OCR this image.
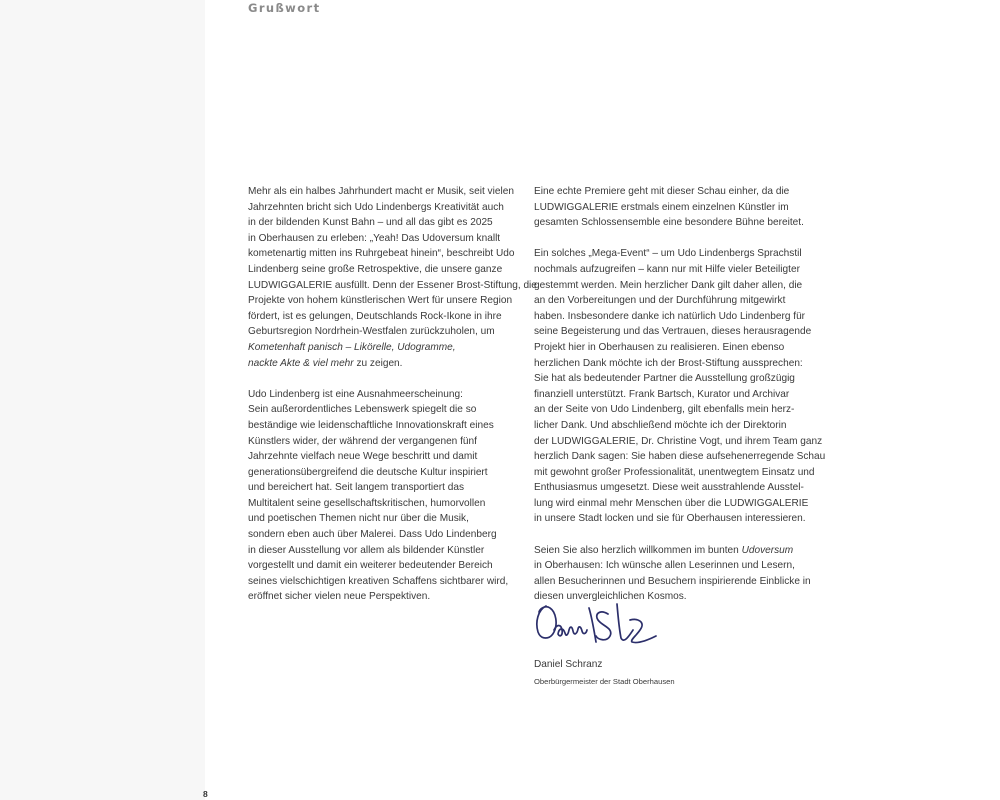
Grußwort

Mehr als ein halbes Jahrhundert macht er Musik, seit vielen
Jahrzehnten bricht sich Udo Lindenbergs Kreativität auch
in der bildenden Kunst Bahn – und all das gibt es 2025
in Oberhausen zu erleben: „Yeah! Das Udoversum knallt
kometenartig mitten ins Ruhrgebeat hinein“, beschreibt Udo
Lindenberg seine große Retrospektive, die unsere ganze
LUDWIGGALERIE ausfüllt. Denn der Essener Brost-Stiftung, die
Projekte von hohem künstlerischen Wert für unsere Region
fördert, ist es gelungen, Deutschlands Rock-Ikone in ihre
Geburtsregion Nordrhein-Westfalen zurückzuholen, um
Kometenhaft panisch – Likörelle, Udogramme,
nackte Akte & viel mehr zu zeigen.

Udo Lindenberg ist eine Ausnahmeerscheinung:
Sein außerordentliches Lebenswerk spiegelt die so
beständige wie leidenschaftliche Innovationskraft eines
Künstlers wider, der während der vergangenen fünf
Jahrzehnte vielfach neue Wege beschritt und damit
generationsübergreifend die deutsche Kultur inspiriert
und bereichert hat. Seit langem transportiert das
Multitalent seine gesellschaftskritischen, humorvollen
und poetischen Themen nicht nur über die Musik,
sondern eben auch über Malerei. Dass Udo Lindenberg
in dieser Ausstellung vor allem als bildender Künstler
vorgestellt und damit ein weiterer bedeutender Bereich
seines vielschichtigen kreativen Schaffens sichtbarer wird,
eröffnet sicher vielen neue Perspektiven.

Eine echte Premiere geht mit dieser Schau einher, da die
LUDWIGGALERIE erstmals einem einzelnen Künstler im
gesamten Schlossensemble eine besondere Bühne bereitet.

Ein solches „Mega-Event“ – um Udo Lindenbergs Sprachstil
nochmals aufzugreifen – kann nur mit Hilfe vieler Beteiligter
gestemmt werden. Mein herzlicher Dank gilt daher allen, die
an den Vorbereitungen und der Durchführung mitgewirkt
haben. Insbesondere danke ich natürlich Udo Lindenberg für
seine Begeisterung und das Vertrauen, dieses herausragende
Projekt hier in Oberhausen zu realisieren. Einen ebenso
herzlichen Dank möchte ich der Brost-Stiftung aussprechen:
Sie hat als bedeutender Partner die Ausstellung großzügig
finanziell unterstützt. Frank Bartsch, Kurator und Archivar
an der Seite von Udo Lindenberg, gilt ebenfalls mein herz-
licher Dank. Und abschließend möchte ich der Direktorin
der LUDWIGGALERIE, Dr. Christine Vogt, und ihrem Team ganz
herzlich Dank sagen: Sie haben diese aufsehenerregende Schau
mit gewohnt großer Professionalität, unentwegtem Einsatz und
Enthusiasmus umgesetzt. Diese weit ausstrahlende Ausstel-
lung wird einmal mehr Menschen über die LUDWIGGALERIE
in unsere Stadt locken und sie für Oberhausen interessieren.

Seien Sie also herzlich willkommen im bunten Udoversum
in Oberhausen: Ich wünsche allen Leserinnen und Lesern,
allen Besucherinnen und Besuchern inspirierende Einblicke in
diesen unvergleichlichen Kosmos.

Daniel Schranz
Oberbürgermeister der Stadt Oberhausen
8
